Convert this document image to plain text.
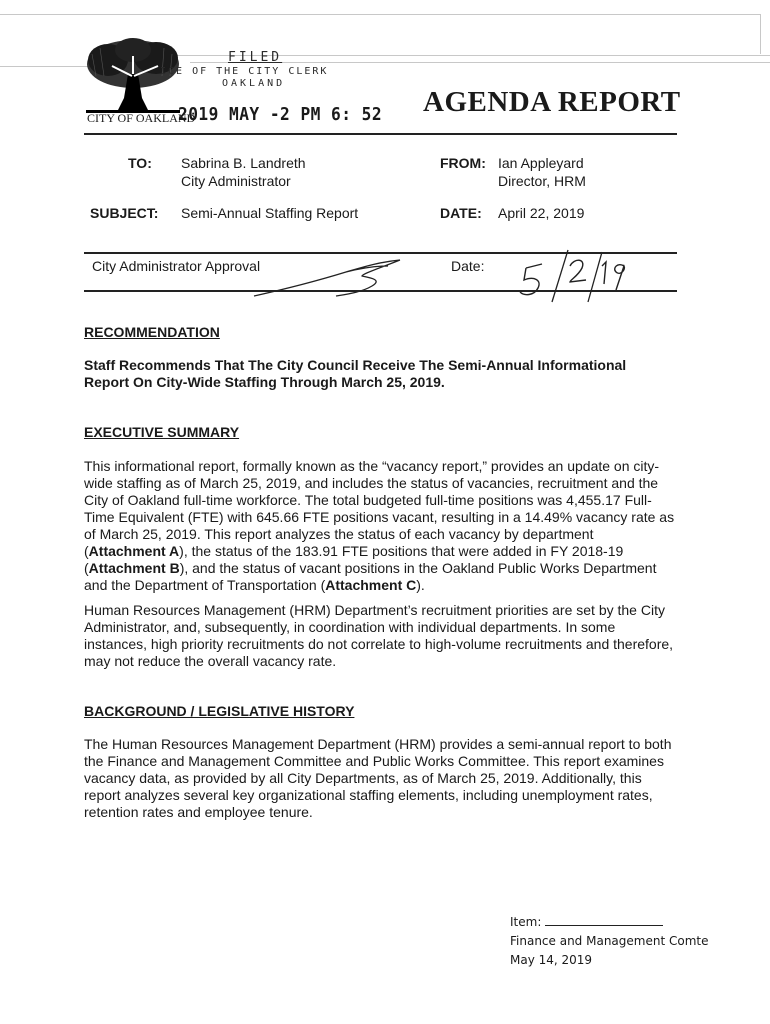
FILED
ICE OF THE CITY CLERK
OAKLAND
CITY OF OAKLAND
2019 MAY -2 PM 6: 52 AGENDA REPORT
TO: Sabrina B. Landreth
City Administrator
FROM: Ian Appleyard
Director, HRM
SUBJECT: Semi-Annual Staffing Report	DATE: April 22, 2019
City Administrator Approval	Date:
RECOMMENDATION
Staff Recommends That The City Council Receive The Semi-Annual Informational Report On City-Wide Staffing Through March 25, 2019.
EXECUTIVE SUMMARY
This informational report, formally known as the “vacancy report,” provides an update on city-wide staffing as of March 25, 2019, and includes the status of vacancies, recruitment and the City of Oakland full-time workforce. The total budgeted full-time positions was 4,455.17 Full-Time Equivalent (FTE) with 645.66 FTE positions vacant, resulting in a 14.49% vacancy rate as of March 25, 2019. This report analyzes the status of each vacancy by department (Attachment A), the status of the 183.91 FTE positions that were added in FY 2018-19 (Attachment B), and the status of vacant positions in the Oakland Public Works Department and the Department of Transportation (Attachment C).
Human Resources Management (HRM) Department’s recruitment priorities are set by the City Administrator, and, subsequently, in coordination with individual departments. In some instances, high priority recruitments do not correlate to high-volume recruitments and therefore, may not reduce the overall vacancy rate.
BACKGROUND / LEGISLATIVE HISTORY
The Human Resources Management Department (HRM) provides a semi-annual report to both the Finance and Management Committee and Public Works Committee. This report examines vacancy data, as provided by all City Departments, as of March 25, 2019. Additionally, this report analyzes several key organizational staffing elements, including unemployment rates, retention rates and employee tenure.
Item:
Finance and Management Comte
May 14, 2019
